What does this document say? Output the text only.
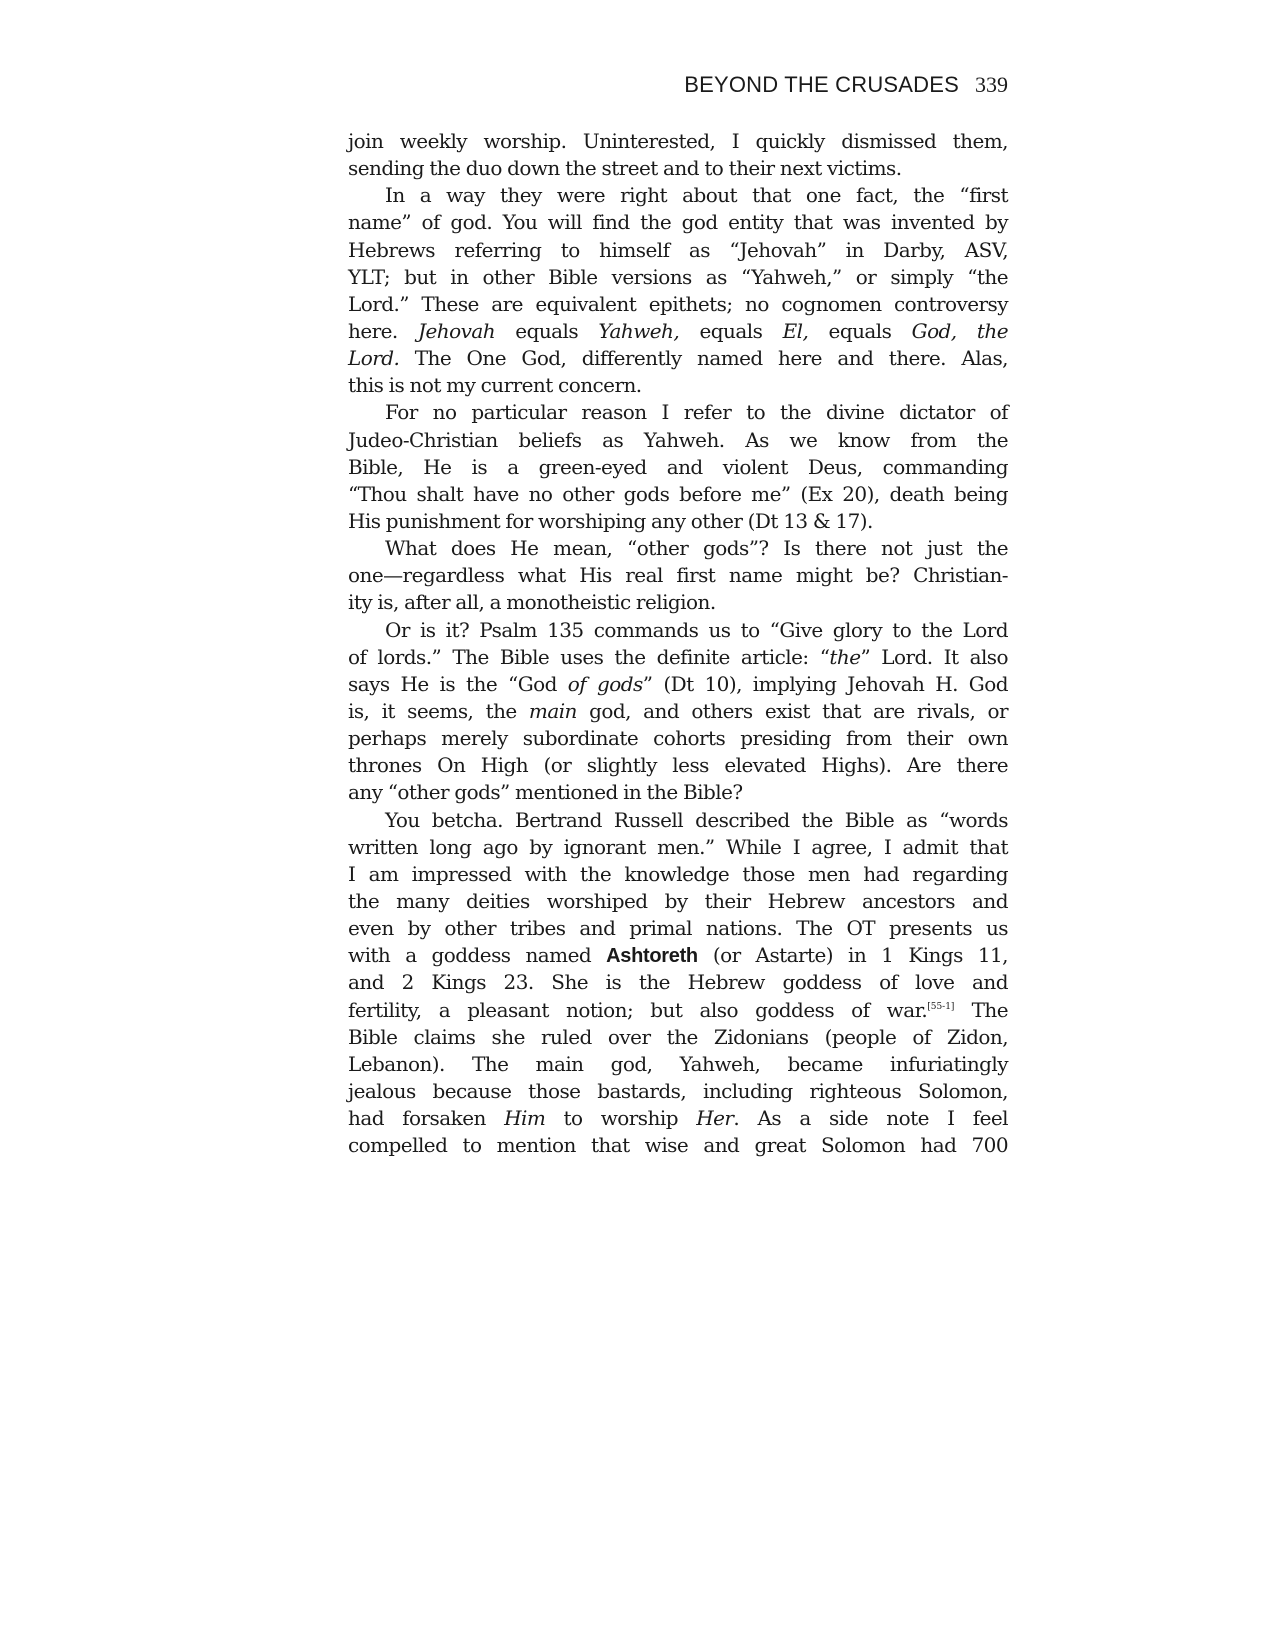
BEYOND THE CRUSADES 339
join weekly worship. Uninterested, I quickly dismissed them,
sending the duo down the street and to their next victims.
In a way they were right about that one fact, the “first
name” of god. You will find the god entity that was invented by
Hebrews referring to himself as “Jehovah” in Darby, ASV,
YLT; but in other Bible versions as “Yahweh,” or simply “the
Lord.” These are equivalent epithets; no cognomen controversy
here. Jehovah equals Yahweh, equals El, equals God, the
Lord. The One God, differently named here and there. Alas,
this is not my current concern.
For no particular reason I refer to the divine dictator of
Judeo-Christian beliefs as Yahweh. As we know from the
Bible, He is a green-eyed and violent Deus, commanding
“Thou shalt have no other gods before me” (Ex 20), death being
His punishment for worshiping any other (Dt 13 & 17).
What does He mean, “other gods”? Is there not just the
one—regardless what His real first name might be? Christian-
ity is, after all, a monotheistic religion.
Or is it? Psalm 135 commands us to “Give glory to the Lord
of lords.” The Bible uses the definite article: “the” Lord. It also
says He is the “God of gods” (Dt 10), implying Jehovah H. God
is, it seems, the main god, and others exist that are rivals, or
perhaps merely subordinate cohorts presiding from their own
thrones On High (or slightly less elevated Highs). Are there
any “other gods” mentioned in the Bible?
You betcha. Bertrand Russell described the Bible as “words
written long ago by ignorant men.” While I agree, I admit that
I am impressed with the knowledge those men had regarding
the many deities worshiped by their Hebrew ancestors and
even by other tribes and primal nations. The OT presents us
with a goddess named Ashtoreth (or Astarte) in 1 Kings 11,
and 2 Kings 23. She is the Hebrew goddess of love and
fertility, a pleasant notion; but also goddess of war.[55-1] The
Bible claims she ruled over the Zidonians (people of Zidon,
Lebanon). The main god, Yahweh, became infuriatingly
jealous because those bastards, including righteous Solomon,
had forsaken Him to worship Her. As a side note I feel
compelled to mention that wise and great Solomon had 700
